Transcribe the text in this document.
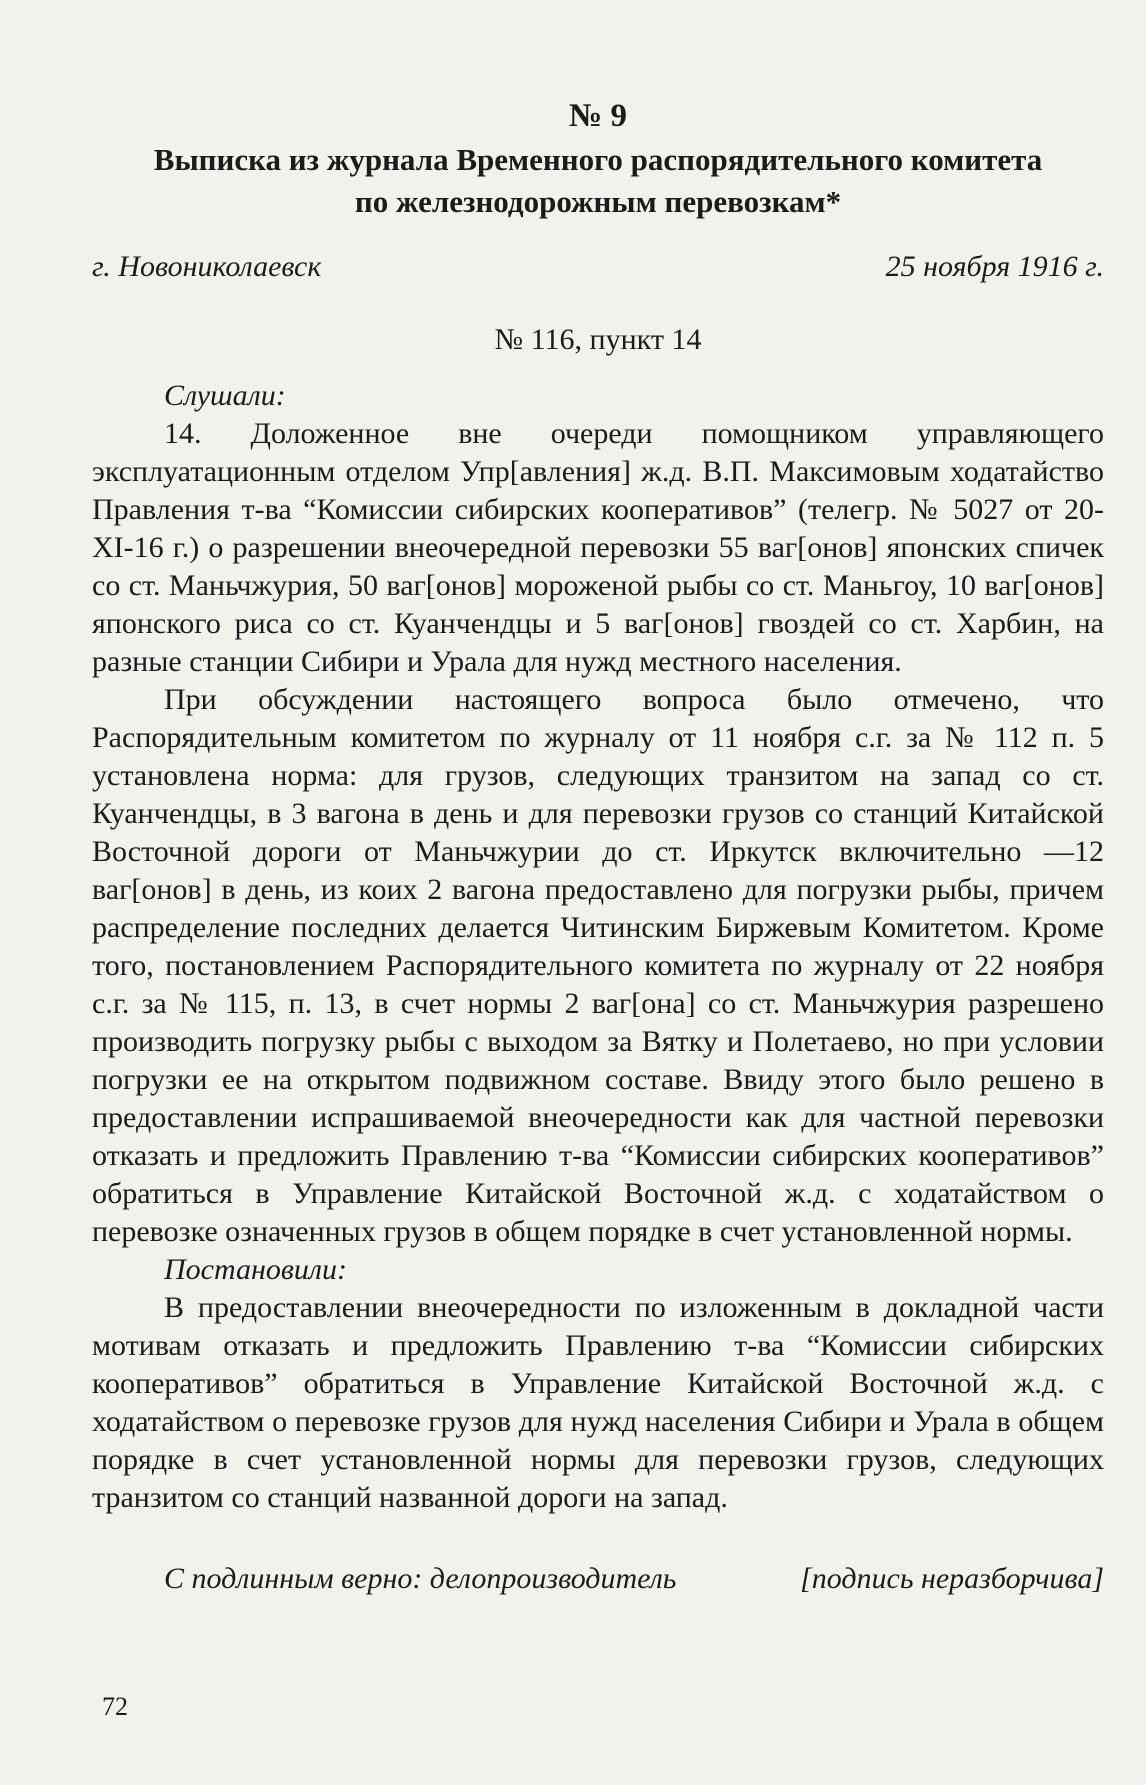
№ 9
Выписка из журнала Временного распорядительного комитета
по железнодорожным перевозкам*
г. Новониколаевск	25 ноября 1916 г.
№ 116, пункт 14
Слушали:

14. Доложенное вне очереди помощником управляющего эксплуатационным отделом Упр[авления] ж.д. В.П. Максимовым ходатайство Правления т-ва “Комиссии сибирских кооперативов” (телегр. № 5027 от 20-XI-16 г.) о разрешении внеочередной перевозки 55 ваг[онов] японских спичек со ст. Маньчжурия, 50 ваг[онов] мороженой рыбы со ст. Маньгоу, 10 ваг[онов] японского риса со ст. Куанчендцы и 5 ваг[онов] гвоздей со ст. Харбин, на разные станции Сибири и Урала для нужд местного населения.

При обсуждении настоящего вопроса было отмечено, что Распорядительным комитетом по журналу от 11 ноября с.г. за № 112 п. 5 установлена норма: для грузов, следующих транзитом на запад со ст. Куанчендцы, в 3 вагона в день и для перевозки грузов со станций Китайской Восточной дороги от Маньчжурии до ст. Иркутск включительно —12 ваг[онов] в день, из коих 2 вагона предоставлено для погрузки рыбы, причем распределение последних делается Читинским Биржевым Комитетом. Кроме того, постановлением Распорядительного комитета по журналу от 22 ноября с.г. за № 115, п. 13, в счет нормы 2 ваг[она] со ст. Маньчжурия разрешено производить погрузку рыбы с выходом за Вятку и Полетаево, но при условии погрузки ее на открытом подвижном составе. Ввиду этого было решено в предоставлении испрашиваемой внеочередности как для частной перевозки отказать и предложить Правлению т-ва “Комиссии сибирских кооперативов” обратиться в Управление Китайской Восточной ж.д. с ходатайством о перевозке означенных грузов в общем порядке в счет установленной нормы.

Постановили:

В предоставлении внеочередности по изложенным в докладной части мотивам отказать и предложить Правлению т-ва “Комиссии сибирских кооперативов” обратиться в Управление Китайской Восточной ж.д. с ходатайством о перевозке грузов для нужд населения Сибири и Урала в общем порядке в счет установленной нормы для перевозки грузов, следующих транзитом со станций названной дороги на запад.

С подлинным верно: делопроизводитель	[подпись неразборчива]
72
